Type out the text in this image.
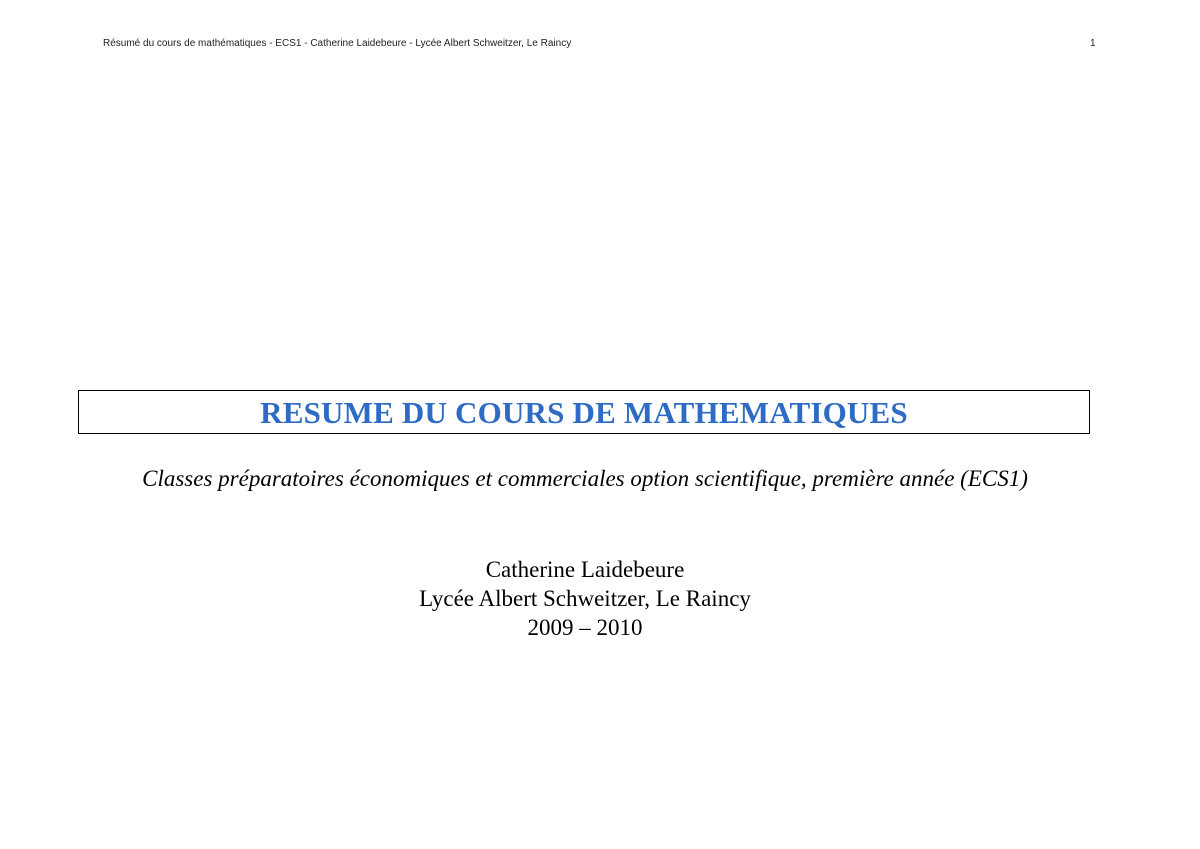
Résumé du cours de mathématiques - ECS1 - Catherine Laidebeure - Lycée Albert Schweitzer, Le Raincy	1
RESUME DU COURS DE MATHEMATIQUES
Classes préparatoires économiques et commerciales option scientifique, première année (ECS1)
Catherine Laidebeure
Lycée Albert Schweitzer, Le Raincy
2009 – 2010
